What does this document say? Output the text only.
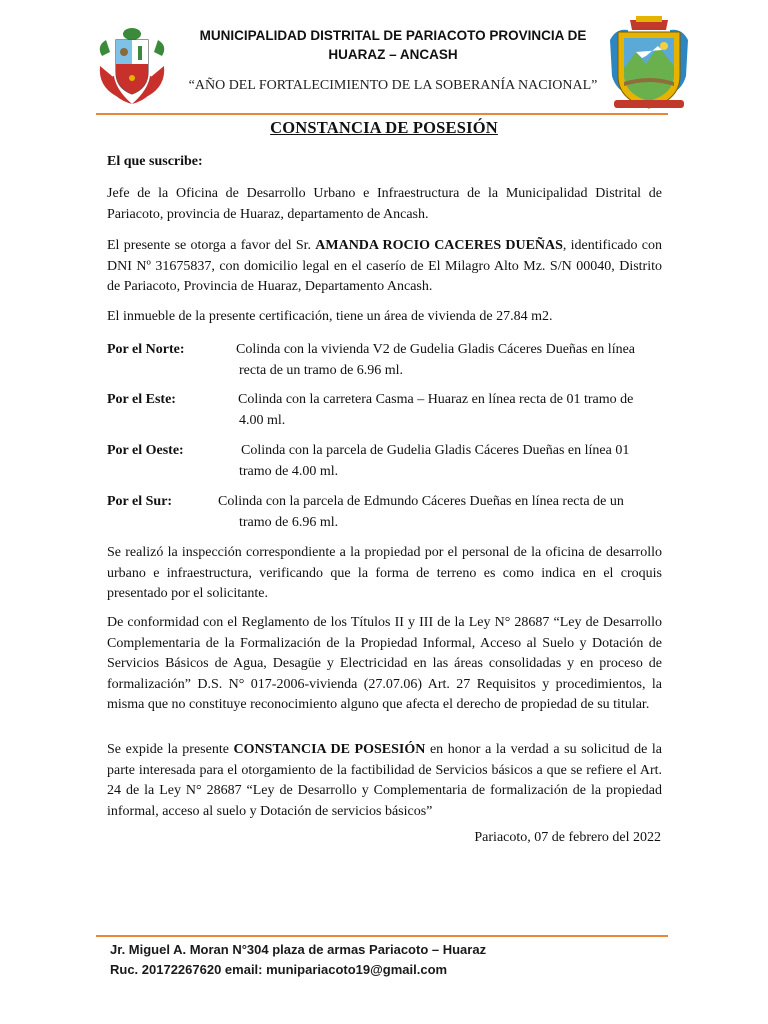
MUNICIPALIDAD DISTRITAL DE PARIACOTO PROVINCIA DE
HUARAZ – ANCASH
“AÑO DEL FORTALECIMIENTO DE LA SOBERANÍA NACIONAL”
CONSTANCIA DE POSESIÓN
El que suscribe:
Jefe de la Oficina de Desarrollo Urbano e Infraestructura de la Municipalidad Distrital de Pariacoto, provincia de Huaraz, departamento de Ancash.
El presente se otorga a favor del Sr. AMANDA ROCIO CACERES DUEÑAS, identificado con DNI Nº 31675837, con domicilio legal en el caserío de El Milagro Alto Mz. S/N 00040, Distrito de Pariacoto, Provincia de Huaraz, Departamento Ancash.
El inmueble de la presente certificación, tiene un área de vivienda de 27.84 m2.
Por el Norte:	Colinda con la vivienda V2 de Gudelia Gladis Cáceres Dueñas en línea
recta de un tramo de 6.96 ml.
Por el Este:	Colinda con la carretera Casma – Huaraz en línea recta de 01 tramo de
4.00 ml.
Por el Oeste:	Colinda con la parcela de Gudelia Gladis Cáceres Dueñas en línea 01
tramo de 4.00 ml.
Por el Sur:	Colinda con la parcela de Edmundo Cáceres Dueñas en línea recta de un
tramo de 6.96 ml.
Se realizó la inspección correspondiente a la propiedad por el personal de la oficina de desarrollo urbano e infraestructura, verificando que la forma de terreno es como indica en el croquis presentado por el solicitante.
De conformidad con el Reglamento de los Títulos II y III de la Ley N° 28687 “Ley de Desarrollo Complementaria de la Formalización de la Propiedad Informal, Acceso al Suelo y Dotación de Servicios Básicos de Agua, Desagüe y Electricidad en las áreas consolidadas y en proceso de formalización” D.S. N° 017-2006-vivienda (27.07.06) Art. 27 Requisitos y procedimientos, la misma que no constituye reconocimiento alguno que afecta el derecho de propiedad de su titular.
Se expide la presente CONSTANCIA DE POSESIÓN en honor a la verdad a su solicitud de la parte interesada para el otorgamiento de la factibilidad de Servicios básicos a que se refiere el Art. 24 de la Ley N° 28687 “Ley de Desarrollo y Complementaria de formalización de la propiedad informal, acceso al suelo y Dotación de servicios básicos”
Pariacoto, 07 de febrero del 2022
Jr. Miguel A. Moran N°304 plaza de armas Pariacoto – Huaraz
Ruc. 20172267620 email: munipariacoto19@gmail.com
